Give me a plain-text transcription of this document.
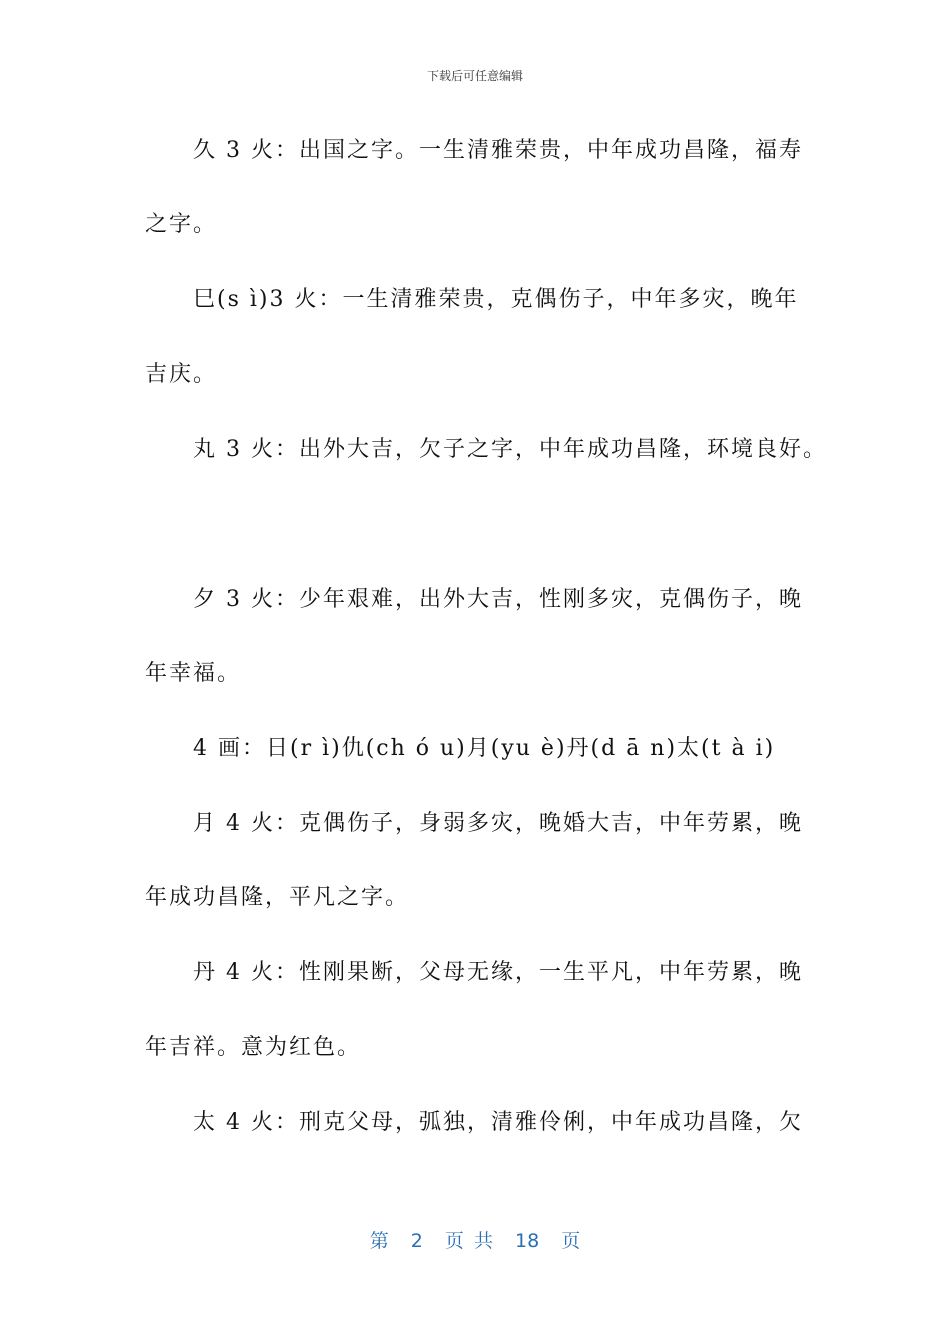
下载后可任意编辑
久 3 火：出国之字。一生清雅荣贵，中年成功昌隆，福寿
之字。
巳(s ì)3 火：一生清雅荣贵，克偶伤子，中年多灾，晚年
吉庆。
丸 3 火：出外大吉，欠子之字，中年成功昌隆，环境良好。
夕 3 火：少年艰难，出外大吉，性刚多灾，克偶伤子，晚
年幸福。
4 画：日(r ì)仇(ch ó u)月(yu è)丹(d ā n)太(t à i)
月 4 火：克偶伤子，身弱多灾，晚婚大吉，中年劳累，晚
年成功昌隆，平凡之字。
丹 4 火：性刚果断，父母无缘，一生平凡，中年劳累，晚
年吉祥。意为红色。
太 4 火：刑克父母，弧独，清雅伶俐，中年成功昌隆，欠
第 2 页 共 18 页
